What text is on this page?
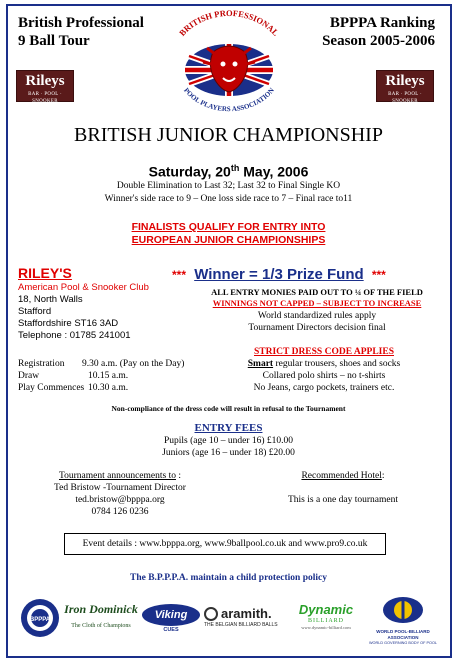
British Professional
9 Ball Tour
BPPPA Ranking
Season 2005-2006
Rileys
BAR · POOL · SNOOKER
Rileys
BAR · POOL · SNOOKER
BRITISH PROFESSIONAL
POOL PLAYERS ASSOCIATION
BRITISH JUNIOR CHAMPIONSHIP
Saturday, 20th May, 2006
Double Elimination to Last 32; Last 32 to Final Single KO
Winner's side race to 9 – One loss side race to 7 – Final race to11
FINALISTS QUALIFY FOR ENTRY INTO
EUROPEAN JUNIOR CHAMPIONSHIPS
RILEY'S
American Pool & Snooker Club
18, North Walls
Stafford
Staffordshire ST16 3AD
Telephone : 01785 241001
*** Winner = 1/3 Prize Fund ***
ALL ENTRY MONIES PAID OUT TO ¼ OF THE FIELD
WINNINGS NOT CAPPED – SUBJECT TO INCREASE
World standardized rules apply
Tournament Directors decision final
Registration	9.30 a.m. (Pay on the Day)
Draw	10.15 a.m.
Play Commences 10.30 a.m.
STRICT DRESS CODE APPLIES
Smart regular trousers, shoes and socks
Collared polo shirts – no t-shirts
No Jeans, cargo pockets, trainers etc.
Non-compliance of the dress code will result in refusal to the Tournament
ENTRY FEES
Pupils (age 10 – under 16) £10.00
Juniors (age 16 – under 18) £20.00
Tournament announcements to :
Ted Bristow -Tournament Director
ted.bristow@bpppa.org
0784 126 0236
Recommended Hotel:
This is a one day tournament
Event details : www.bpppa.org, www.9ballpool.co.uk and www.pro9.co.uk
The B.P.P.P.A. maintain a child protection policy
BPPPA
Iron Dominick
The Cloth of Champions
Viking
CUES
aramith.
THE BELGIAN BILLIARD BALLS
Dynamic
BILLIARD
www.dynamic-billiard.com
WORLD POOL-BILLIARD ASSOCIATION
WORLD GOVERNING BODY OF POOL
